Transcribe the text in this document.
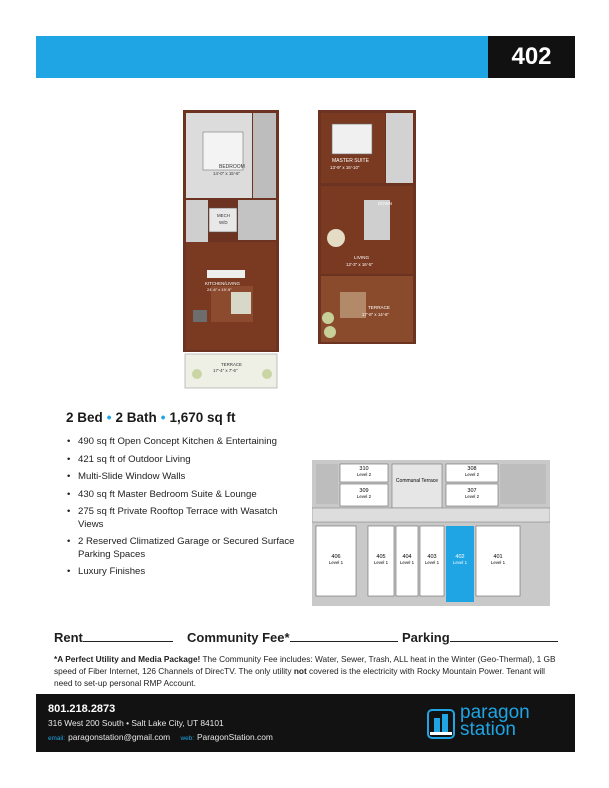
402
BEDROOM
14'-0" x 15'-6"
MECH
W/D
KITCHEN/LIVING
24'-6" x 19'-9"
TERRACE
17'-4" x 7'-6"
MASTER SUITE
13'-9" x 16'-10"
DOWN
LIVING
12'-3" x 16'-5"
TERRACE
17'-8" x 14'-6"
2 Bed • 2 Bath • 1,670 sq ft
• 490 sq ft Open Concept Kitchen & Entertaining
• 421 sq ft of Outdoor Living
• Multi-Slide Window Walls
• 430 sq ft Master Bedroom Suite & Lounge
• 275 sq ft Private Rooftop Terrace with Wasatch Views
• 2 Reserved Climatized Garage or Secured Surface Parking Spaces
• Luxury Finishes
310
Level 2
309
Level 2
308
Level 2
307
Level 2
Communal Terrace
406
Level 1
405
Level 1
404
Level 1
403
Level 1
402
Level 1
401
Level 1
Rent	Community Fee*	Parking
*A Perfect Utility and Media Package! The Community Fee includes: Water, Sewer, Trash, ALL heat in the Winter (Geo-Thermal), 1 GB speed of Fiber Internet, 126 Channels of DirecTV. The only utility not covered is the electricity with Rocky Mountain Power. Tenant will need to set-up personal RMP Account.
801.218.2873
316 West 200 South • Salt Lake City, UT 84101
email: paragonstation@gmail.com web: ParagonStation.com
paragon
station
